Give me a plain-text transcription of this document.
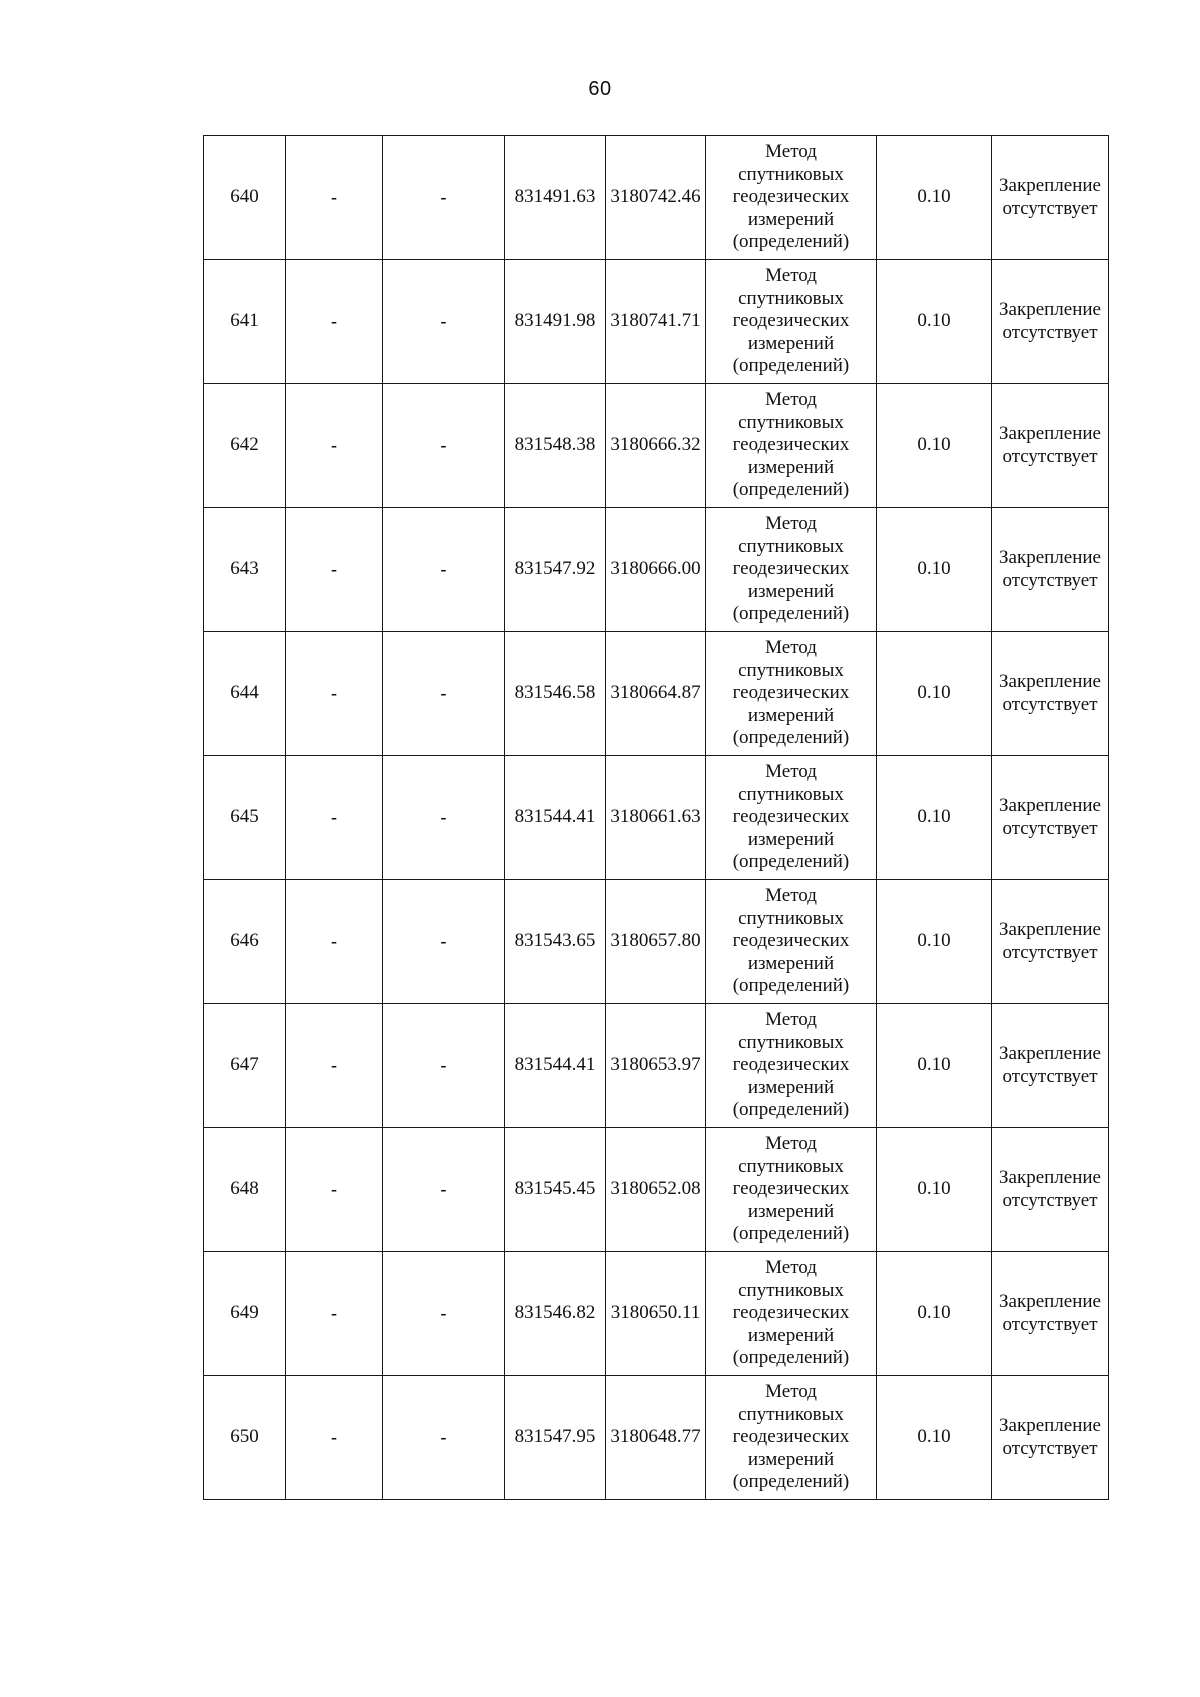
60
640	-	-	831491.63	3180742.46	Метод
спутниковых
геодезических
измерений
(определений)	0.10	Закрепление
отсутствует

641	-	-	831491.98	3180741.71	Метод
спутниковых
геодезических
измерений
(определений)	0.10	Закрепление
отсутствует

642	-	-	831548.38	3180666.32	Метод
спутниковых
геодезических
измерений
(определений)	0.10	Закрепление
отсутствует

643	-	-	831547.92	3180666.00	Метод
спутниковых
геодезических
измерений
(определений)	0.10	Закрепление
отсутствует

644	-	-	831546.58	3180664.87	Метод
спутниковых
геодезических
измерений
(определений)	0.10	Закрепление
отсутствует

645	-	-	831544.41	3180661.63	Метод
спутниковых
геодезических
измерений
(определений)	0.10	Закрепление
отсутствует

646	-	-	831543.65	3180657.80	Метод
спутниковых
геодезических
измерений
(определений)	0.10	Закрепление
отсутствует

647	-	-	831544.41	3180653.97	Метод
спутниковых
геодезических
измерений
(определений)	0.10	Закрепление
отсутствует

648	-	-	831545.45	3180652.08	Метод
спутниковых
геодезических
измерений
(определений)	0.10	Закрепление
отсутствует

649	-	-	831546.82	3180650.11	Метод
спутниковых
геодезических
измерений
(определений)	0.10	Закрепление
отсутствует

650	-	-	831547.95	3180648.77	Метод
спутниковых
геодезических
измерений
(определений)	0.10	Закрепление
отсутствует
